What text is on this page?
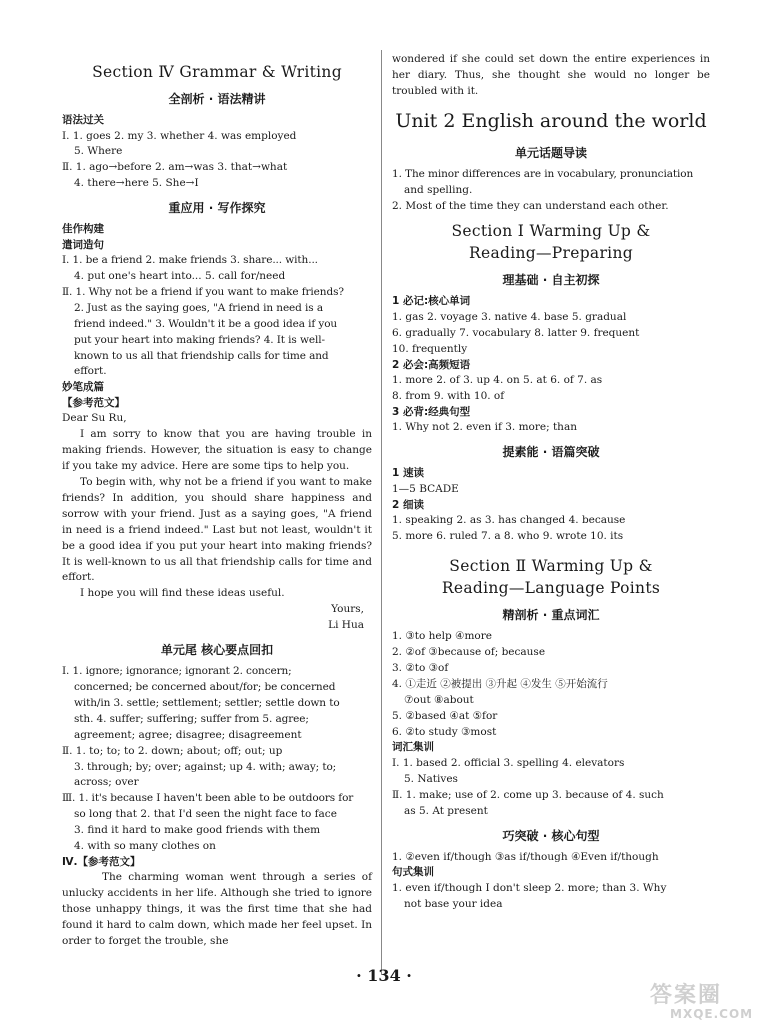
Section Ⅳ Grammar & Writing
全剖析 · 语法精讲
语法过关
Ⅰ. 1. goes 2. my 3. whether 4. was employed
5. Where
Ⅱ. 1. ago→before 2. am→was 3. that→what
4. there→here 5. She→I
重应用 · 写作探究
佳作构建
遣词造句
Ⅰ. 1. be a friend 2. make friends 3. share... with...
4. put one's heart into... 5. call for/need
Ⅱ. 1. Why not be a friend if you want to make friends?
2. Just as the saying goes, "A friend in need is a
friend indeed." 3. Wouldn't it be a good idea if you
put your heart into making friends? 4. It is well-
known to us all that friendship calls for time and
effort.
妙笔成篇
【参考范文】
Dear Su Ru,
I am sorry to know that you are having trouble in making friends. However, the situation is easy to change if you take my advice. Here are some tips to help you.
To begin with, why not be a friend if you want to make friends? In addition, you should share happiness and sorrow with your friend. Just as a saying goes, "A friend in need is a friend indeed." Last but not least, wouldn't it be a good idea if you put your heart into making friends? It is well-known to us all that friendship calls for time and effort.
I hope you will find these ideas useful.
Yours,
Li Hua
单元尾 核心要点回扣
Ⅰ. 1. ignore; ignorance; ignorant 2. concern;
concerned; be concerned about/for; be concerned
with/in 3. settle; settlement; settler; settle down to
sth. 4. suffer; suffering; suffer from 5. agree;
agreement; agree; disagree; disagreement
Ⅱ. 1. to; to; to 2. down; about; off; out; up
3. through; by; over; against; up 4. with; away; to;
across; over
Ⅲ. 1. it's because I haven't been able to be outdoors for
so long that 2. that I'd seen the night face to face
3. find it hard to make good friends with them
4. with so many clothes on
Ⅳ.【参考范文】
The charming woman went through a series of unlucky accidents in her life. Although she tried to ignore those unhappy things, it was the first time that she had found it hard to calm down, which made her feel upset. In order to forget the trouble, she
wondered if she could set down the entire experiences in her diary. Thus, she thought she would no longer be troubled with it.
Unit 2 English around the world
单元话题导读
1. The minor differences are in vocabulary, pronunciation
and spelling.
2. Most of the time they can understand each other.
Section Ⅰ Warming Up &
Reading—Preparing
理基础 · 自主初探
1 必记:核心单词
1. gas 2. voyage 3. native 4. base 5. gradual
6. gradually 7. vocabulary 8. latter 9. frequent
10. frequently
2 必会:高频短语
1. more 2. of 3. up 4. on 5. at 6. of 7. as
8. from 9. with 10. of
3 必背:经典句型
1. Why not 2. even if 3. more; than
提素能 · 语篇突破
1 速读
1—5 BCADE
2 细读
1. speaking 2. as 3. has changed 4. because
5. more 6. ruled 7. a 8. who 9. wrote 10. its
Section Ⅱ Warming Up &
Reading—Language Points
精剖析 · 重点词汇
1. ③to help ④more
2. ②of ③because of; because
3. ②to ③of
4. ①走近 ②被提出 ③升起 ④发生 ⑤开始流行
⑦out ⑧about
5. ②based ④at ⑤for
6. ②to study ③most
词汇集训
Ⅰ. 1. based 2. official 3. spelling 4. elevators
5. Natives
Ⅱ. 1. make; use of 2. come up 3. because of 4. such
as 5. At present
巧突破 · 核心句型
1. ②even if/though ③as if/though ④Even if/though
句式集训
1. even if/though I don't sleep 2. more; than 3. Why
not base your idea
· 134 ·
答案圈
MXQE.COM
